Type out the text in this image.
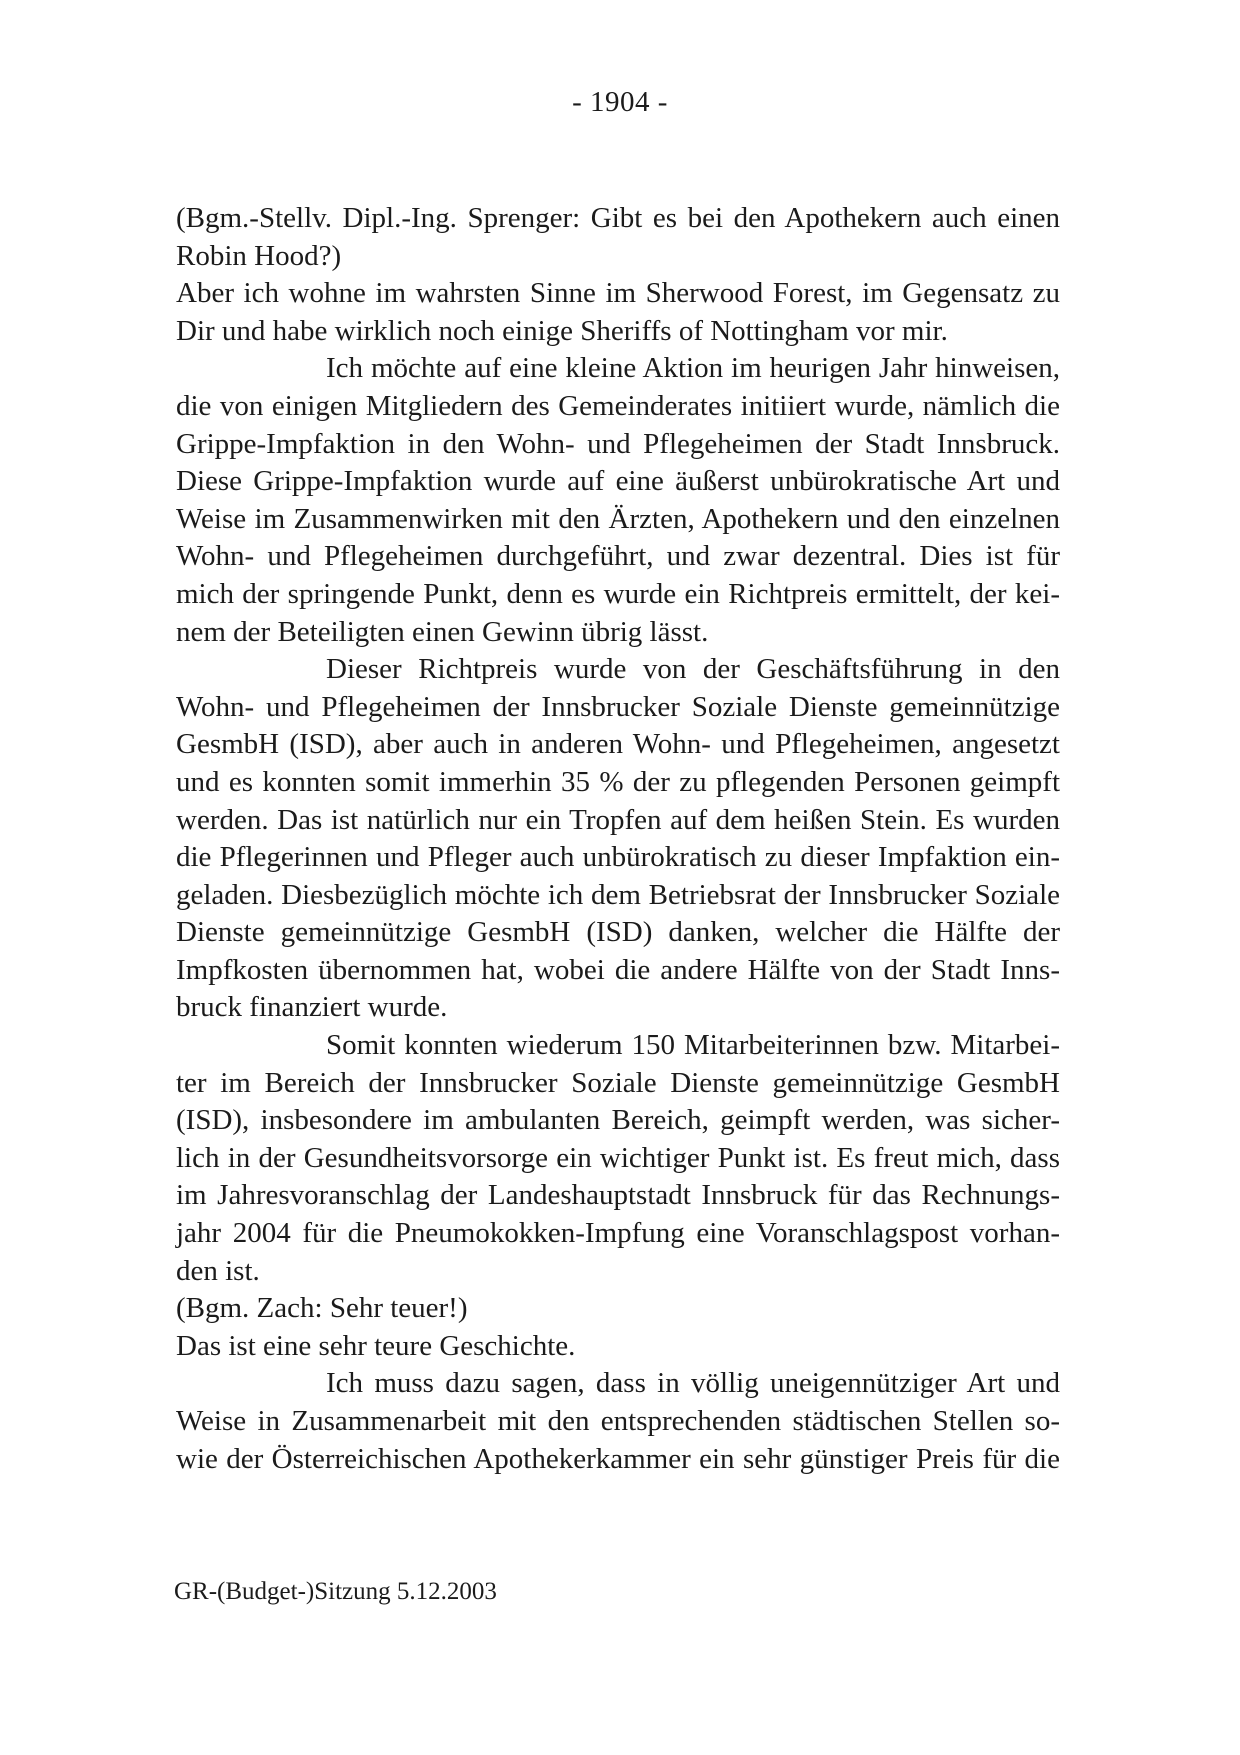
- 1904 -
(Bgm.-Stellv. Dipl.-Ing. Sprenger: Gibt es bei den Apothekern auch einen
Robin Hood?)
Aber ich wohne im wahrsten Sinne im Sherwood Forest, im Gegensatz zu
Dir und habe wirklich noch einige Sheriffs of Nottingham vor mir.
Ich möchte auf eine kleine Aktion im heurigen Jahr hinweisen,
die von einigen Mitgliedern des Gemeinderates initiiert wurde, nämlich die
Grippe-Impfaktion in den Wohn- und Pflegeheimen der Stadt Innsbruck.
Diese Grippe-Impfaktion wurde auf eine äußerst unbürokratische Art und
Weise im Zusammenwirken mit den Ärzten, Apothekern und den einzelnen
Wohn- und Pflegeheimen durchgeführt, und zwar dezentral. Dies ist für
mich der springende Punkt, denn es wurde ein Richtpreis ermittelt, der kei-
nem der Beteiligten einen Gewinn übrig lässt.
Dieser Richtpreis wurde von der Geschäftsführung in den
Wohn- und Pflegeheimen der Innsbrucker Soziale Dienste gemeinnützige
GesmbH (ISD), aber auch in anderen Wohn- und Pflegeheimen, angesetzt
und es konnten somit immerhin 35 % der zu pflegenden Personen geimpft
werden. Das ist natürlich nur ein Tropfen auf dem heißen Stein. Es wurden
die Pflegerinnen und Pfleger auch unbürokratisch zu dieser Impfaktion ein-
geladen. Diesbezüglich möchte ich dem Betriebsrat der Innsbrucker Soziale
Dienste gemeinnützige GesmbH (ISD) danken, welcher die Hälfte der
Impfkosten übernommen hat, wobei die andere Hälfte von der Stadt Inns-
bruck finanziert wurde.
Somit konnten wiederum 150 Mitarbeiterinnen bzw. Mitarbei-
ter im Bereich der Innsbrucker Soziale Dienste gemeinnützige GesmbH
(ISD), insbesondere im ambulanten Bereich, geimpft werden, was sicher-
lich in der Gesundheitsvorsorge ein wichtiger Punkt ist. Es freut mich, dass
im Jahresvoranschlag der Landeshauptstadt Innsbruck für das Rechnungs-
jahr 2004 für die Pneumokokken-Impfung eine Voranschlagspost vorhan-
den ist.
(Bgm. Zach: Sehr teuer!)
Das ist eine sehr teure Geschichte.
Ich muss dazu sagen, dass in völlig uneigennütziger Art und
Weise in Zusammenarbeit mit den entsprechenden städtischen Stellen so-
wie der Österreichischen Apothekerkammer ein sehr günstiger Preis für die
GR-(Budget-)Sitzung 5.12.2003
